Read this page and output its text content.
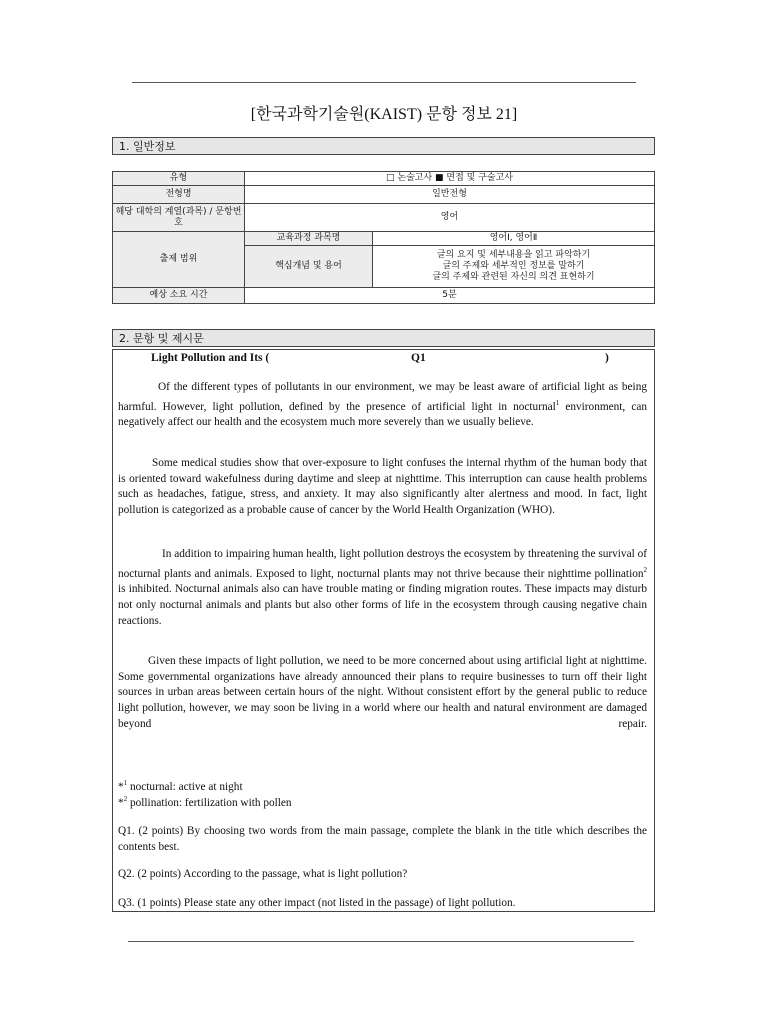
[한국과학기술원(KAIST) 문항 정보 21]
1. 일반정보
유형	□ 논술고사 ■ 면접 및 구술고사	
전형명	일반전형	
해당 대학의 계열(과목) / 문항번호	영어	
출제 범위	교육과정 과목명	영어Ⅰ, 영어Ⅱ
	핵심개념 및 용어	글의 요지 및 세부내용을 읽고 파악하기
글의 주제와 세부적인 정보를 말하기
글의 주제와 관련된 자신의 의견 표현하기

예상 소요 시간	5분	
2. 문항 및 제시문
Light Pollution and Its (	Q1	)

Of the different types of pollutants in our environment, we may be least aware of artificial light as being harmful. However, light pollution, defined by the presence of artificial light in nocturnal$^1$ environment, can negatively affect our health and the ecosystem much more severely than we usually believe.

Some medical studies show that over-exposure to light confuses the internal rhythm of the human body that is oriented toward wakefulness during daytime and sleep at nighttime. This interruption can cause health problems such as headaches, fatigue, stress, and anxiety. It may also significantly alter alertness and mood. In fact, light pollution is categorized as a probable cause of cancer by the World Health Organization (WHO).

In addition to impairing human health, light pollution destroys the ecosystem by threatening the survival of nocturnal plants and animals. Exposed to light, nocturnal plants may not thrive because their nighttime pollination$^2$ is inhibited. Nocturnal animals also can have trouble mating or finding migration routes. These impacts may disturb not only nocturnal animals and plants but also other forms of life in the ecosystem through causing negative chain reactions.

Given these impacts of light pollution, we need to be more concerned about using artificial light at nighttime. Some governmental organizations have already announced their plans to require businesses to turn off their light sources in urban areas between certain hours of the night. Without consistent effort by the general public to reduce light pollution, however, we may soon be living in a world where our health and natural environment are damaged beyond repair.

*$^1$ nocturnal: active at night
*$^2$ pollination: fertilization with pollen
Q1. (2 points) By choosing two words from the main passage, complete the blank in the title which describes the contents best.
Q2. (2 points) According to the passage, what is light pollution?
Q3. (1 points) Please state any other impact (not listed in the passage) of light pollution.
